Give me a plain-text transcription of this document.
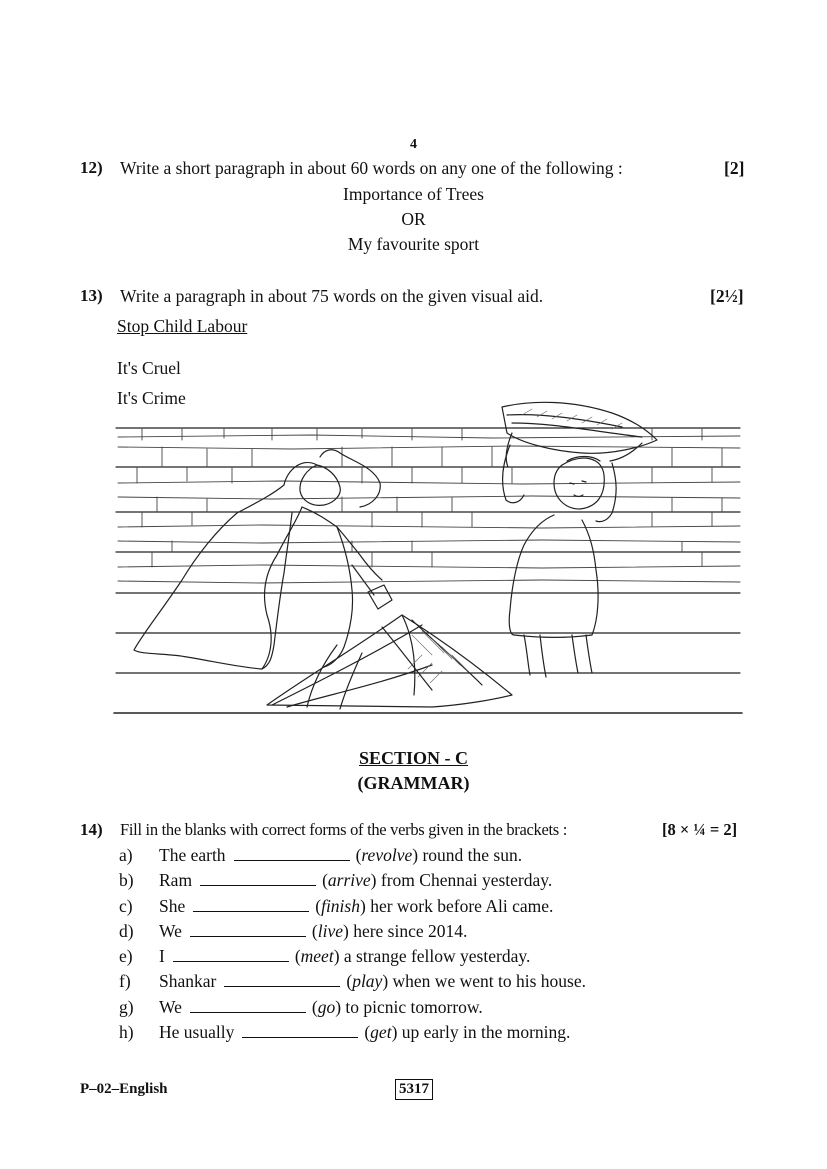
4
12) Write a short paragraph in about 60 words on any one of the following :	[2]
Importance of Trees
OR
My favourite sport
13) Write a paragraph in about 75 words on the given visual aid.	[2½]
Stop Child Labour
It's Cruel
It's Crime
SECTION - C
(GRAMMAR)
14) Fill in the blanks with correct forms of the verbs given in the brackets :	[8 × ¼ = 2]
a) The earth	(revolve) round the sun.
b) Ram	(arrive) from Chennai yesterday.
c) She	(finish) her work before Ali came.
d) We	(live) here since 2014.
e) I	(meet) a strange fellow yesterday.
f) Shankar	(play) when we went to his house.
g) We	(go) to picnic tomorrow.
h) He usually	(get) up early in the morning.
P–02–English	5317
